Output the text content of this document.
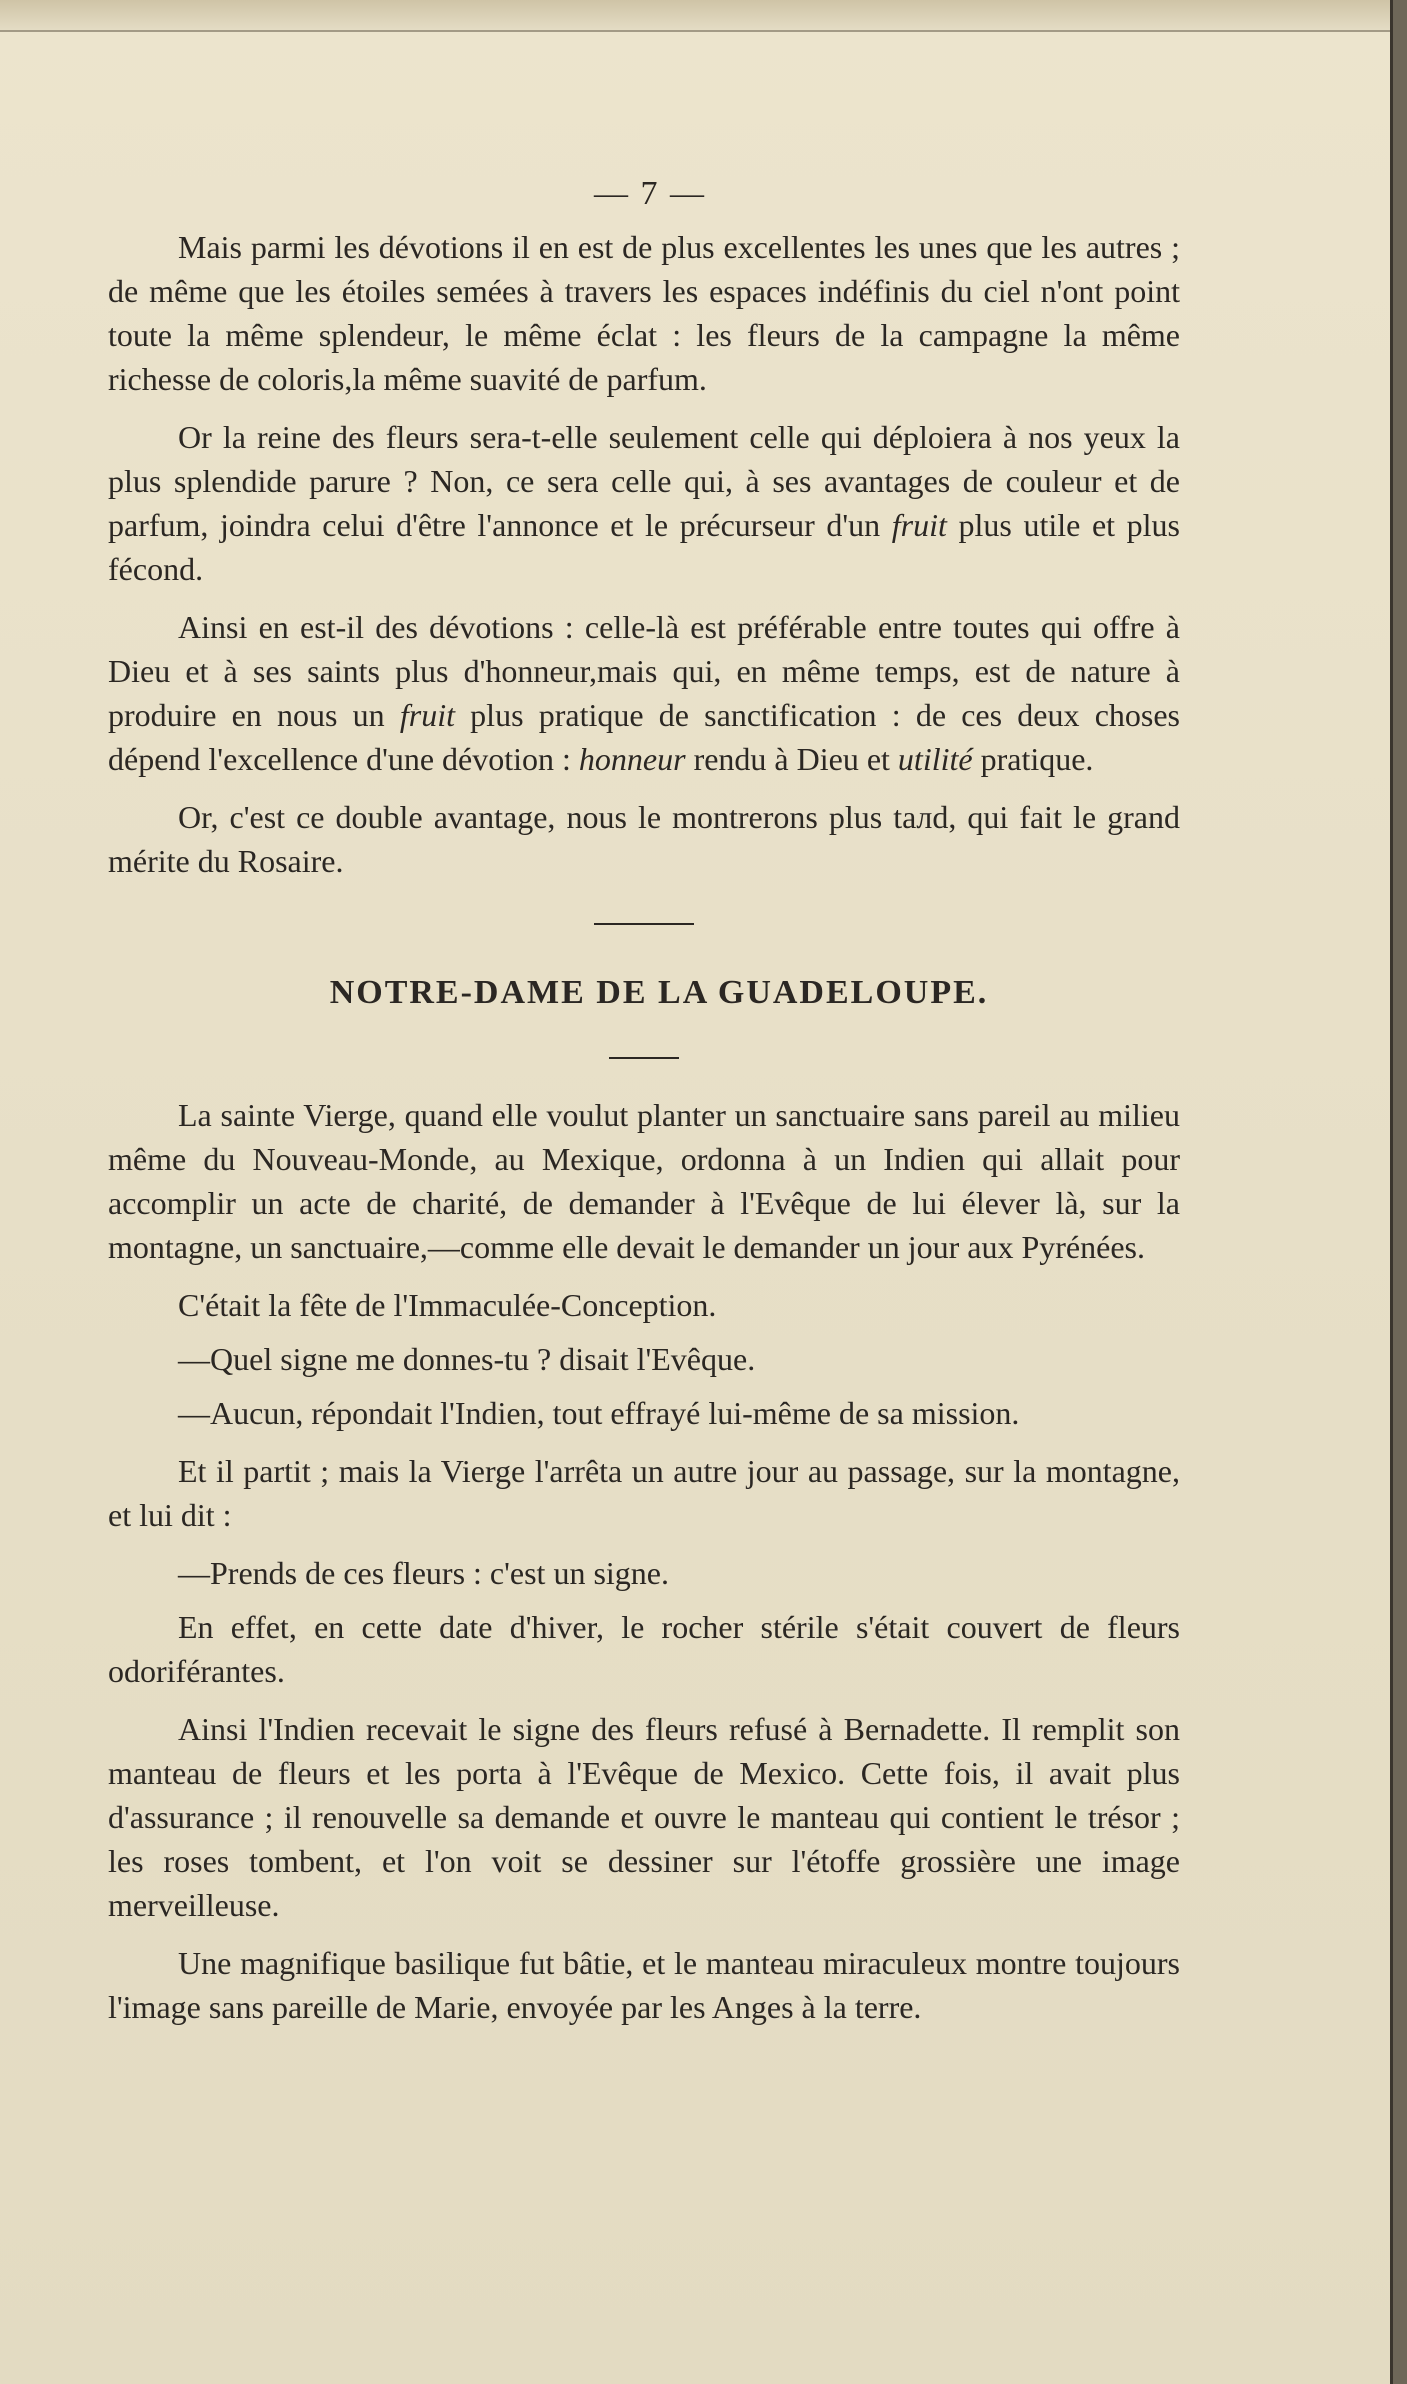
— 7 —

Mais parmi les dévotions il en est de plus excellentes les unes que les autres ; de même que les étoiles semées à travers les espaces indéfinis du ciel n'ont point toute la même splendeur, le même éclat : les fleurs de la campagne la même richesse de coloris,la même suavité de parfum.

Or la reine des fleurs sera-t-elle seulement celle qui déploiera à nos yeux la plus splendide parure ? Non, ce sera celle qui, à ses avantages de couleur et de parfum, joindra celui d'être l'annonce et le précurseur d'un fruit plus utile et plus fécond.

Ainsi en est-il des dévotions : celle-là est préférable entre toutes qui offre à Dieu et à ses saints plus d'honneur,mais qui, en même temps, est de nature à produire en nous un fruit plus pratique de sanctification : de ces deux choses dépend l'excellence d'une dévotion : honneur rendu à Dieu et utilité pratique.

Or, c'est ce double avantage, nous le montrerons plus taлd, qui fait le grand mérite du Rosaire.

NOTRE-DAME DE LA GUADELOUPE.

La sainte Vierge, quand elle voulut planter un sanctuaire sans pareil au milieu même du Nouveau-Monde, au Mexique, ordonna à un Indien qui allait pour accomplir un acte de charité, de demander à l'Evêque de lui élever là, sur la montagne, un sanctuaire,—comme elle devait le demander un jour aux Pyrénées.

C'était la fête de l'Immaculée-Conception.

—Quel signe me donnes-tu ? disait l'Evêque.

—Aucun, répondait l'Indien, tout effrayé lui-même de sa mission.

Et il partit ; mais la Vierge l'arrêta un autre jour au passage, sur la montagne, et lui dit :

—Prends de ces fleurs : c'est un signe.

En effet, en cette date d'hiver, le rocher stérile s'était couvert de fleurs odoriférantes.

Ainsi l'Indien recevait le signe des fleurs refusé à Bernadette. Il remplit son manteau de fleurs et les porta à l'Evêque de Mexico. Cette fois, il avait plus d'assurance ; il renouvelle sa demande et ouvre le manteau qui contient le trésor ; les roses tombent, et l'on voit se dessiner sur l'étoffe grossière une image merveilleuse.

Une magnifique basilique fut bâtie, et le manteau miraculeux montre toujours l'image sans pareille de Marie, envoyée par les Anges à la terre.
